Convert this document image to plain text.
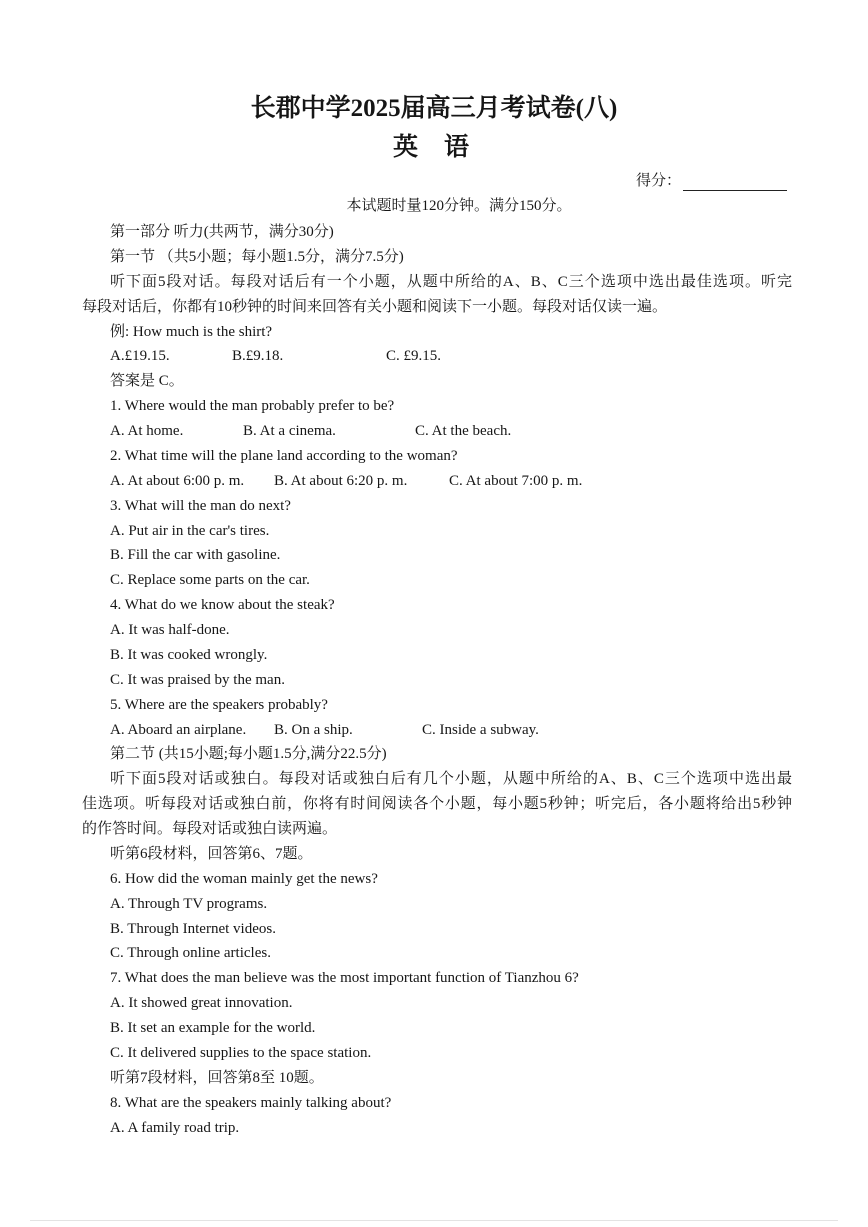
长郡中学2025届高三月考试卷(八)
英语
得分：
本试题时量120分钟。满分150分。
第一部分 听力(共两节，满分30分)
第一节 （共5小题；每小题1.5分，满分7.5分)
听下面5段对话。每段对话后有一个小题，从题中所给的A、B、C三个选项中选出最佳选项。听完
每段对话后，你都有10秒钟的时间来回答有关小题和阅读下一小题。每段对话仅读一遍。
例: How much is the shirt?
A.£19.15.	B.£9.18.	C. £9.15.
答案是 C。
1. Where would the man probably prefer to be?
A. At home.	B. At a cinema.	C. At the beach.
2. What time will the plane land according to the woman?
A. At about 6:00 p. m. B. At about 6:20 p. m.	C. At about 7:00 p. m.
3. What will the man do next?
A. Put air in the car's tires.
B. Fill the car with gasoline.
C. Replace some parts on the car.
4. What do we know about the steak?
A. It was half-done.
B. It was cooked wrongly.
C. It was praised by the man.
5. Where are the speakers probably?
A. Aboard an airplane. B. On a ship.	C. Inside a subway.
第二节 (共15小题;每小题1.5分,满分22.5分)
听下面5段对话或独白。每段对话或独白后有几个小题，从题中所给的A、B、C三个选项中选出最
佳选项。听每段对话或独白前，你将有时间阅读各个小题，每小题5秒钟；听完后，各小题将给出5秒钟
的作答时间。每段对话或独白读两遍。
听第6段材料，回答第6、7题。
6. How did the woman mainly get the news?
A. Through TV programs.
B. Through Internet videos.
C. Through online articles.
7. What does the man believe was the most important function of Tianzhou 6?
A. It showed great innovation.
B. It set an example for the world.
C. It delivered supplies to the space station.
听第7段材料，回答第8至 10题。
8. What are the speakers mainly talking about?
A. A family road trip.
